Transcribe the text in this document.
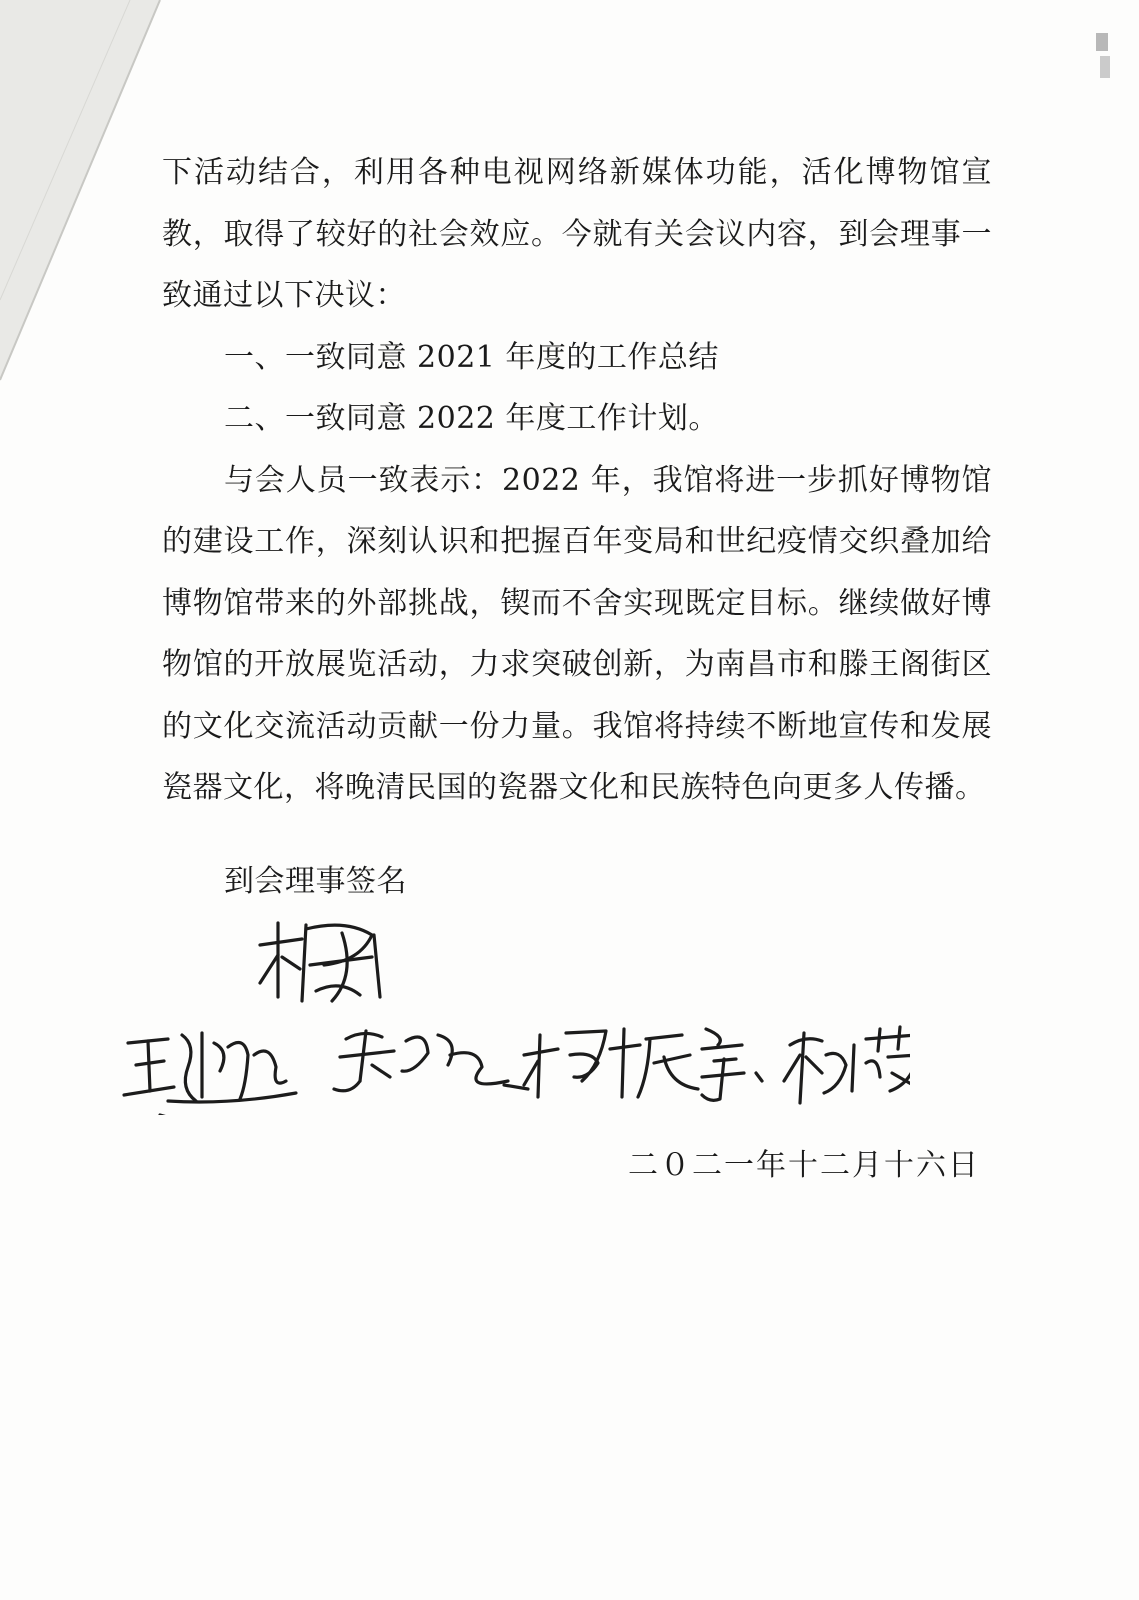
下活动结合，利用各种电视网络新媒体功能，活化博物馆宣教，取得了较好的社会效应。今就有关会议内容，到会理事一致通过以下决议：

一、一致同意 2021 年度的工作总结

二、一致同意 2022 年度工作计划。

与会人员一致表示：2022 年，我馆将进一步抓好博物馆的建设工作，深刻认识和把握百年变局和世纪疫情交织叠加给博物馆带来的外部挑战，锲而不舍实现既定目标。继续做好博物馆的开放展览活动，力求突破创新，为南昌市和滕王阁街区的文化交流活动贡献一份力量。我馆将持续不断地宣传和发展瓷器文化，将晚清民国的瓷器文化和民族特色向更多人传播。

到会理事签名
二０二一年十二月十六日
